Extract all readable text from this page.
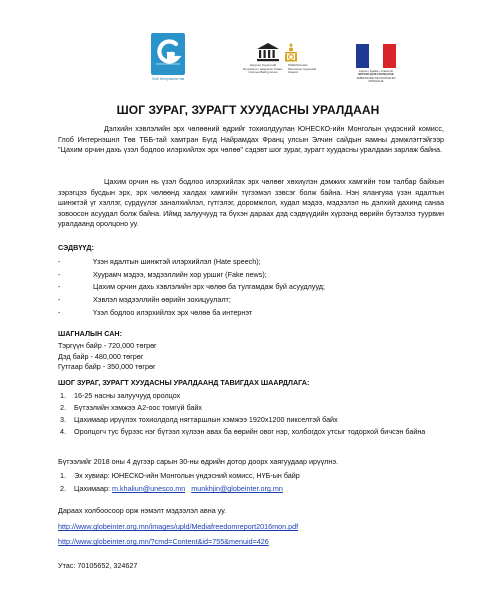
Глоб Интернэшнл төв
Нэгдсэн Үндэстний Боловсрол, Шинжлэх Ухаан, Соёлын Байгууллага
ЮНЕСКО-ийн Монголын Үндэсний Комисс	Liberté • Égalité • Fraternité
RÉPUBLIQUE FRANÇAISE
AMBASSADE DE FRANCE EN MONGOLIE
ШОГ ЗУРАГ, ЗУРАГТ ХУУДАСНЫ УРАЛДААН

Дэлхийн хэвлэлийн эрх чөлөөний өдрийг тохиолдуулан ЮНЕСКО-ийн Монголын үндэсний комисс, Глоб Интернэшнл Төв ТББ-тай хамтран Бүгд Найрамдах Франц улсын Элчин сайдын яамны дэмжлэгтэйгээр "Цахим орчин дахь үзэл бодлоо илэрхийлэх эрх чөлөө" сэдэвт шог зураг, зурагт хуудасны уралдаан зарлаж байна.

Цахим орчин нь үзэл бодлоо илэрхийлэх эрх чөлөөг хөхиүлэн дэмжих хамгийн том талбар байхын зэрэгцээ бусдын эрх, эрх чөлөөнд халдах хамгийн түгээмэл зэвсэг болж байна. Нэн ялангуяа үзэн ядалтын шинжтэй үг хэллэг, сүрдүүлэг заналхийлэл, гүтгэлэг, доромжлол, худал мэдээ, мэдээлэл нь дэлхий дахинд санаа зовоосон асуудал болж байна. Иймд залуучууд та бүхэн дараах дэд сэдвүүдийн хүрээнд өөрийн бүтээлээ туурвин уралдаанд оролцоно уу.

СЭДВҮҮД:

-	Үзэн ядалтын шинжтэй илэрхийлэл (Hate speech);
-	Хуурамч мэдээ, мэдээллийн хор уршиг (Fake news);
-	Цахим орчин дахь хэвлэлийн эрх чөлөө ба тулгамдаж буй асуудлууд;
-	Хэвлэл мэдээллийн өөрийн зохицуулалт;
-	Үзэл бодлоо илэрхийлэх эрх чөлөө ба интернэт

ШАГНАЛЫН САН:

Тэргүүн байр - 720,000 төгрөг
Дэд байр - 480,000 төгрөг
Гутгаар байр - 350,000 төгрөг

ШОГ ЗУРАГ, ЗУРАГТ ХУУДАСНЫ УРАЛДААНД ТАВИГДАХ ШААРДЛАГА:

1. 16-25 насны залуучууд оролцох
2. Бүтээлийн хэмжээ А2-оос томгүй байх
3. Цахимаар ирүүлэх тохиолдолд нягтаршлын хэмжээ 1920x1200 пикселтэй байх
4. Оролцогч тус бүрээс нэг бүтээл хүлээн авах ба өөрийн овог нэр, холбогдох утсыг тодорхой бичсэн байна

Бүтээлийг 2018 оны 4 дүгээр сарын 30-ны өдрийн дотор доорх хаягуудаар ирүүлнэ.

1. Эх хувиар: ЮНЕСКО-ийн Монголын үндэсний комисс, НҮБ-ын байр
2. Цахимаар: m.khaliun@unesco.mn munkhjin@globeinter.org.mn

Дараах холбоосоор орж нэмэлт мэдээлэл авна уу.

http://www.globeinter.org.mn/images/upld/Mediafreedomreport2016mon.pdf

http://www.globeinter.org.mn/?cmd=Content&id=755&menuid=426

Утас: 70105652, 324627
